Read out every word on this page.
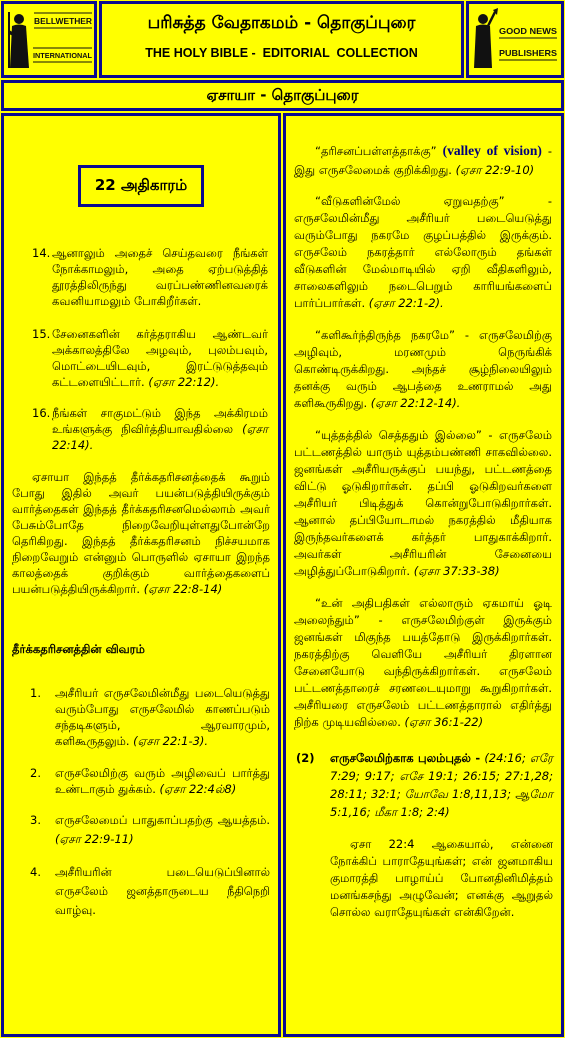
BELLWETHER
INTERNATIONAL
பரிசுத்த வேதாகமம் - தொகுப்புரை
THE HOLY BIBLE -  EDITORIAL  COLLECTION
GOOD NEWS
PUBLISHERS
ஏசாயா - தொகுப்புரை
22 அதிகாரம்
14. ஆனாலும் அதைச் செய்தவரை நீங்கள் நோக்காமலும், அதை ஏற்படுத்தித் தூரத்திலிருந்து வரப்பண்ணினவரைக் கவனியாமலும் போகிறீர்கள்.
15. சேனைகளின் கர்த்தராகிய ஆண்டவர் அக்காலத்திலே அழவும், புலம்பவும், மொட்டையிடவும், இரட்டுடுத்தவும் கட்டளையிட்டார். (ஏசா 22:12).
16. நீங்கள் சாகுமட்டும் இந்த அக்கிரமம் உங்களுக்கு நிவிர்த்தியாவதில்லை (ஏசா 22:14).
ஏசாயா இந்தத் தீர்க்கதரிசனத்தைக் கூறும் போது இதில் அவர் பயன்படுத்தியிருக்கும் வார்த்தைகள் இந்தத் தீர்க்கதரிசனமெல்லாம் அவர் பேசும்போதே நிறைவேறியுள்ளதுபோன்றே தெரிகிறது. இந்தத் தீர்க்கதரிசனம் நிச்சயமாக நிறைவேறும் என்னும் பொருளில் ஏசாயா இறந்த காலத்தைக் குறிக்கும் வார்த்தைகளைப் பயன்படுத்தியிருக்கிறார். (ஏசா 22:8-14)
தீர்க்கதரிசனத்தின் விவரம்
1.	அசீரியர் எருசலேமின்மீது படையெடுத்து வரும்போது எருசலேமில் காணப்படும் சந்தடிகளும், ஆரவாரமும், களிகூருதலும். (ஏசா 22:1-3).
2.	எருசலேமிற்கு வரும் அழிவைப் பார்த்து உண்டாகும் துக்கம். (ஏசா 22:4ல்8)
3.	எருசலேமைப் பாதுகாப்பதற்கு ஆயத்தம். (ஏசா 22:9-11)
4.	அசீரியரின் படையெடுப்பினால் எருசலேம் ஜனத்தாருடைய நீதிநெறி வாழ்வு.
“தரிசனப்பள்ளத்தாக்கு” (valley of vision) - இது எருசலேமைக் குறிக்கிறது. (ஏசா 22:9-10)
“வீடுகளின்மேல் ஏறுவதற்கு”	- எருசலேமின்மீது அசீரியர் படையெடுத்து வரும்போது நகரமே குழப்பத்தில் இருக்கும். எருசலேம் நகரத்தார் எல்லோரும் தங்கள் வீடுகளின் மேல்மாடியில் ஏறி வீதிகளிலும், சாலைகளிலும் நடைபெறும் காரியங்களைப் பார்ப்பார்கள். (ஏசா 22:1-2).
“களிகூர்ந்திருந்த நகரமே” - எருசலேமிற்கு அழிவும், மரணமும் நெருங்கிக் கொண்டிருக்கிறது. அந்தச் சூழ்நிலையிலும் தனக்கு வரும் ஆபத்தை உணராமல் அது களிகூருகிறது. (ஏசா 22:12-14).
“யுத்தத்தில் செத்ததும் இல்லை” - எருசலேம் பட்டணத்தில் யாரும் யுத்தம்பண்ணி சாகவில்லை. ஜனங்கள் அசீரியருக்குப் பயந்து, பட்டணத்தை விட்டு ஓடுகிறார்கள். தப்பி ஓடுகிறவர்களை அசீரியர் பிடித்துக் கொன்றுபோடுகிறார்கள். ஆனால் தப்பியோடாமல் நகரத்தில் மீதியாக இருந்தவர்களைக் கர்த்தர் பாதுகாக்கிறார். அவர்கள் அசீரியரின் சேனையை அழித்துப்போடுகிறார். (ஏசா 37:33-38)
“உன் அதிபதிகள் எல்லாரும் ஏகமாய் ஓடி அலைந்தும்” - எருசலேமிற்குள் இருக்கும் ஜனங்கள் மிகுந்த பயத்தோடு இருக்கிறார்கள். நகரத்திற்கு வெளியே அசீரியர் திரளான சேனையோடு வந்திருக்கிறார்கள். எருசலேம் பட்டணத்தாரைச் சரணடையுமாறு கூறுகிறார்கள். அசீரியரை எருசலேம் பட்டணத்தாரால் எதிர்த்து நிற்க முடியவில்லை. (ஏசா 36:1-22)
(2)	எருசலேமிற்காக புலம்புதல் - (24:16; எரே 7:29; 9:17; எசே 19:1; 26:15; 27:1,28; 28:11; 32:1; யோவே 1:8,11,13; ஆமோ 5:1,16; மீகா 1:8; 2:4)
ஏசா 22:4 ஆகையால், என்னை நோக்கிப் பாராதேயுங்கள்; என் ஜனமாகிய குமாரத்தி பாழாய்ப் போனதினிமித்தம் மனங்கசந்து அழுவேன்; எனக்கு ஆறுதல் சொல்ல வராதேயுங்கள் என்கிறேன்.
